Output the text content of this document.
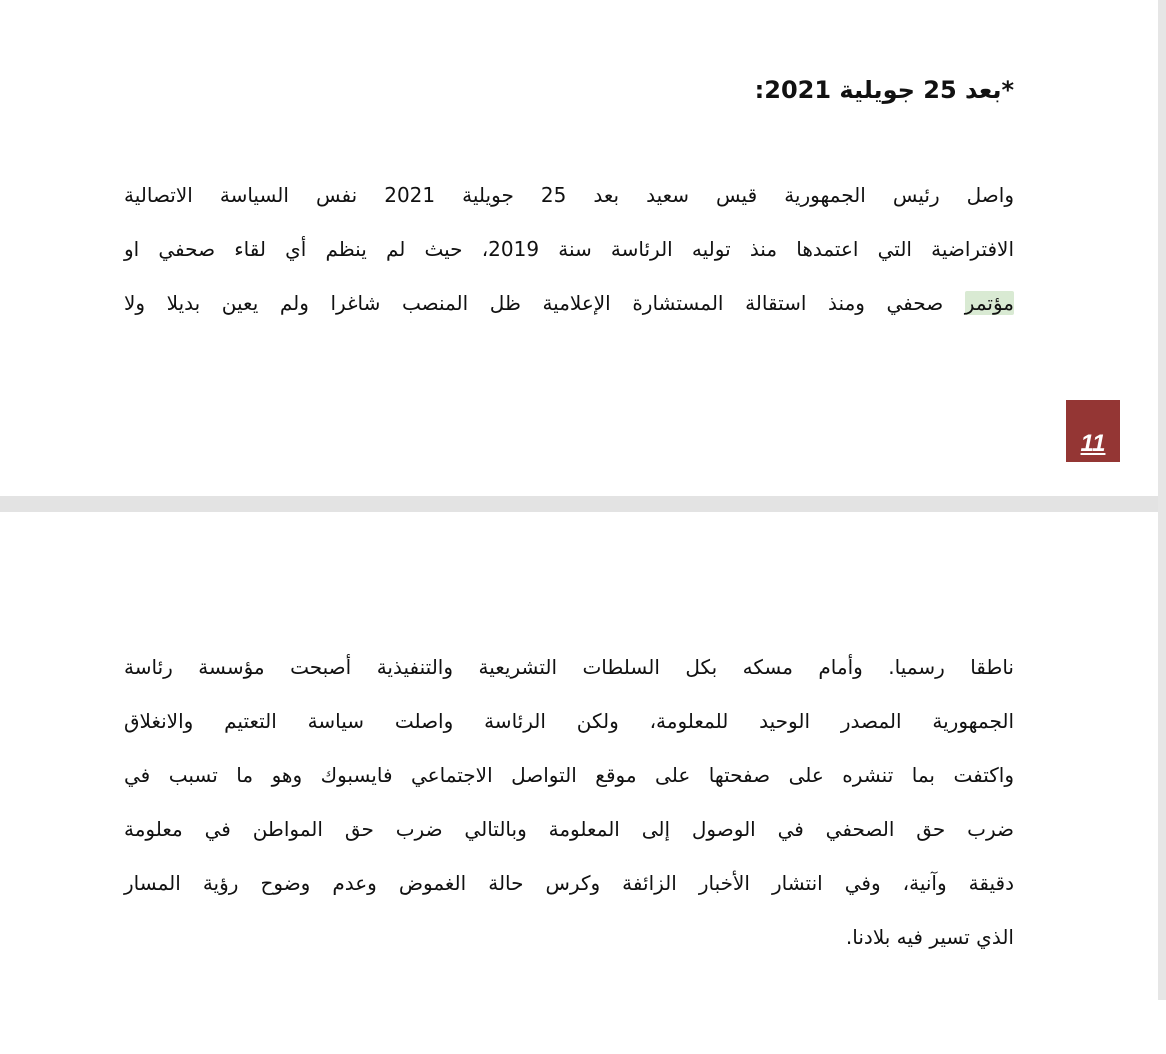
*بعد 25 جويلية 2021:

واصل رئيس الجمهورية قيس سعيد بعد 25 جويلية 2021 نفس السياسة الاتصالية
الافتراضية التي اعتمدها منذ توليه الرئاسة سنة 2019، حيث لم ينظم أي لقاء صحفي او
مؤتمر صحفي ومنذ استقالة المستشارة الإعلامية ظل المنصب شاغرا ولم يعين بديلا ولا

11

ناطقا رسميا. وأمام مسكه بكل السلطات التشريعية والتنفيذية أصبحت مؤسسة رئاسة
الجمهورية المصدر الوحيد للمعلومة، ولكن الرئاسة واصلت سياسة التعتيم والانغلاق
واكتفت بما تنشره على صفحتها على موقع التواصل الاجتماعي فايسبوك وهو ما تسبب في
ضرب حق الصحفي في الوصول إلى المعلومة وبالتالي ضرب حق المواطن في معلومة
دقيقة وآنية، وفي انتشار الأخبار الزائفة وكرس حالة الغموض وعدم وضوح رؤية المسار
الذي تسير فيه بلادنا.
